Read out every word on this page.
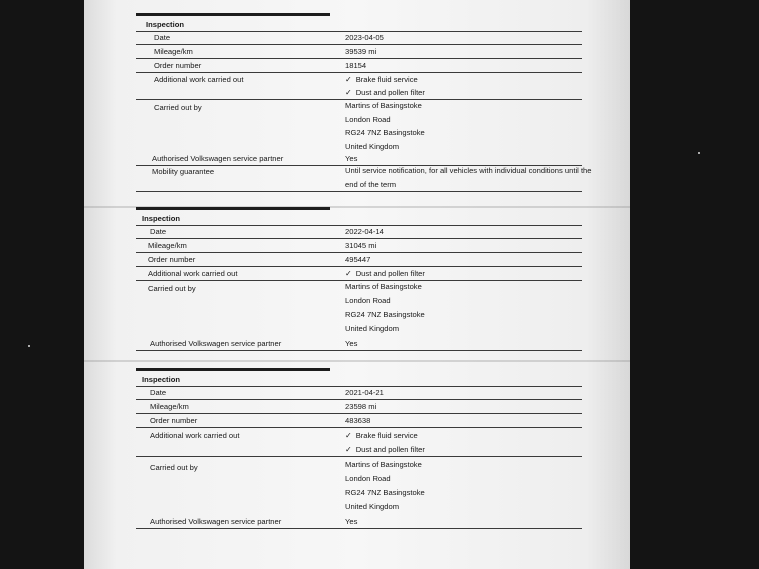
Inspection
Date	2023-04-05
Mileage/km	39539 mi
Order number	18154
Additional work carried out	✓ Brake fluid service
✓ Dust and pollen filter
Carried out by	Martins of Basingstoke
London Road
RG24 7NZ Basingstoke
United Kingdom
Authorised Volkswagen service partner	Yes
Mobility guarantee	Until service notification, for all vehicles with individual conditions until the
end of the term
Inspection
Date	2022-04-14
Mileage/km	31045 mi
Order number	495447
Additional work carried out	✓ Dust and pollen filter
Carried out by	Martins of Basingstoke
London Road
RG24 7NZ Basingstoke
United Kingdom
Authorised Volkswagen service partner	Yes
Inspection
Date	2021-04-21
Mileage/km	23598 mi
Order number	483638
Additional work carried out	✓ Brake fluid service
✓ Dust and pollen filter
Carried out by	Martins of Basingstoke
London Road
RG24 7NZ Basingstoke
United Kingdom
Authorised Volkswagen service partner	Yes
